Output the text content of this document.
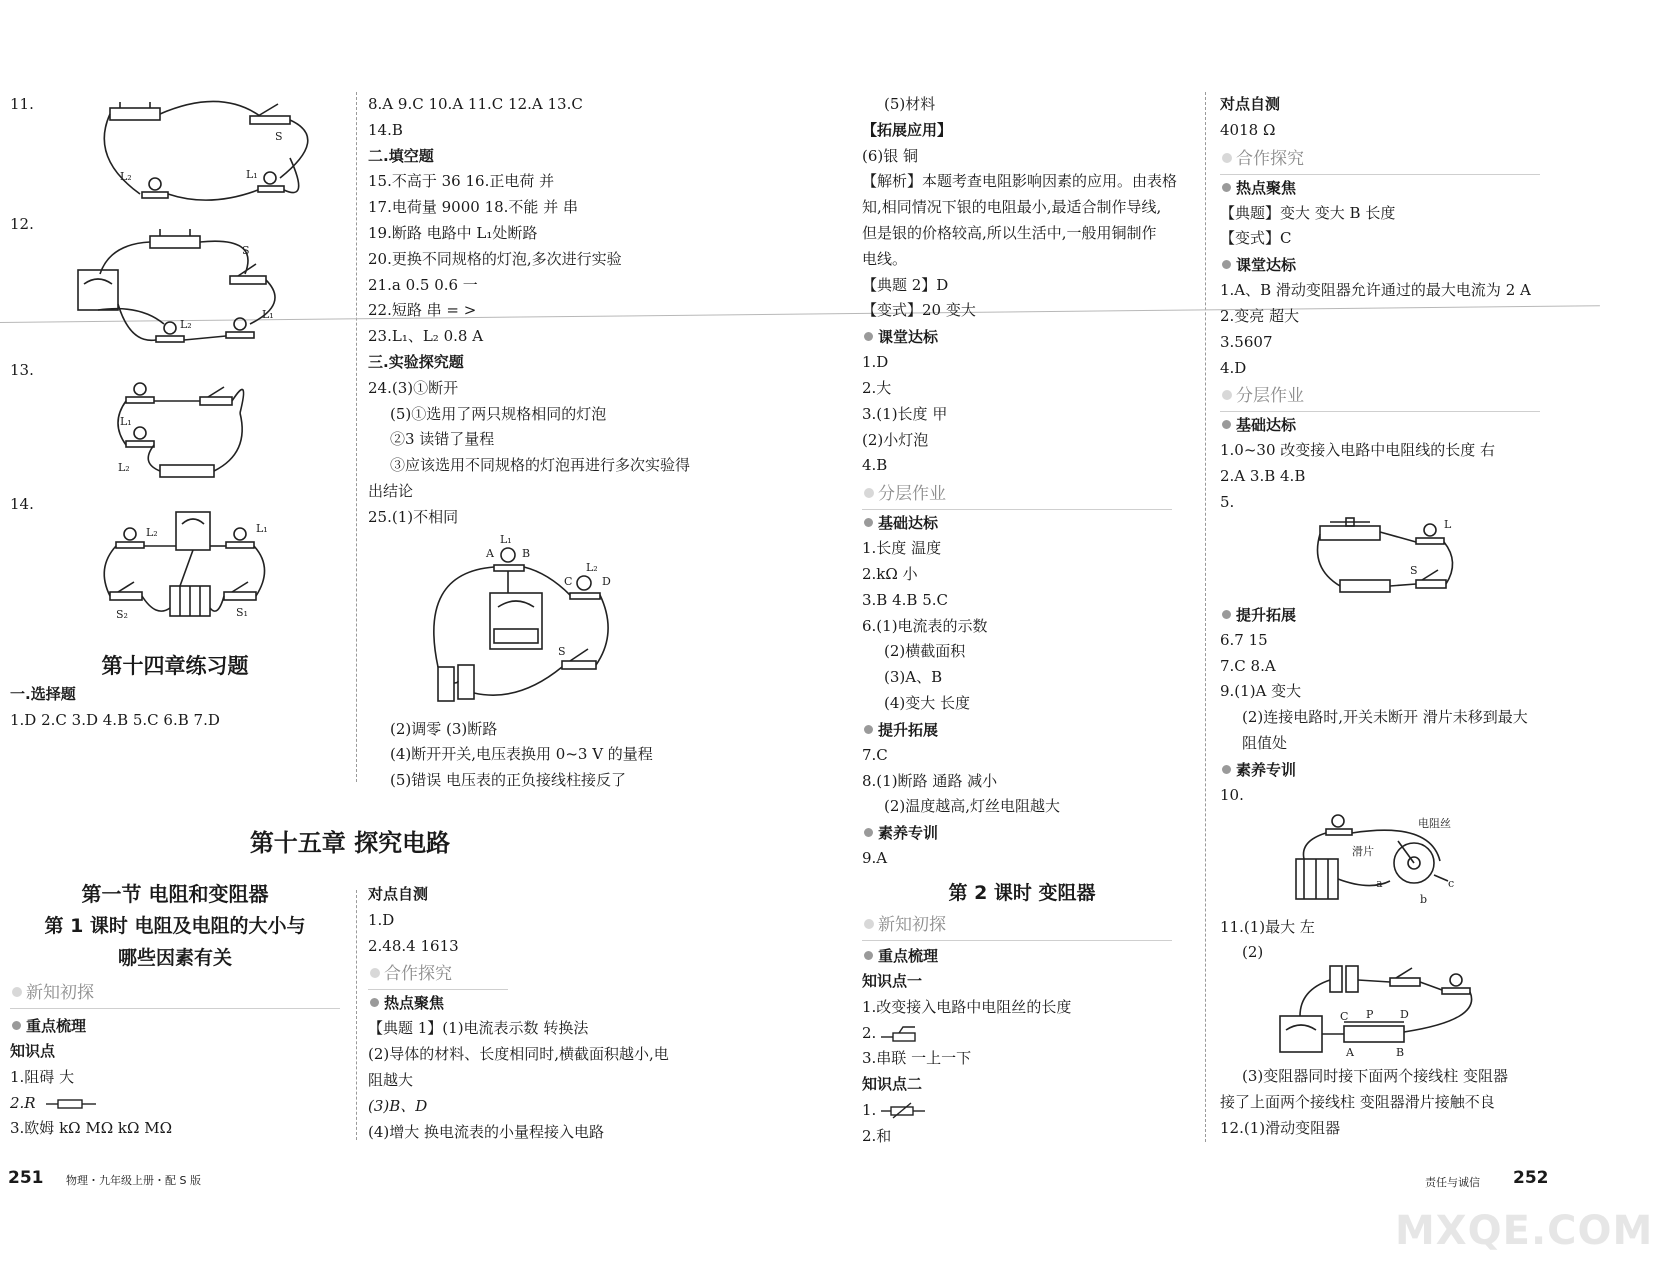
11.
S
L₁
L₂
12.
S
L₁
L₂
13.
L₁
L₂
14.
L₂	L₁
S₂	S₁
第十四章练习题
一.选择题
1.D 2.C 3.D 4.B 5.C 6.B 7.D
8.A 9.C 10.A 11.C 12.A 13.C
14.B
二.填空题
15.不高于 36 16.正电荷 并
17.电荷量 9000 18.不能 并 串
19.断路 电路中 L₁处断路
20.更换不同规格的灯泡,多次进行实验
21.a 0.5 0.6 一
22.短路 串 = >
23.L₁、L₂ 0.8 A
三.实验探究题
24.(3)①断开
(5)①选用了两只规格相同的灯泡
②3 读错了量程
③应该选用不同规格的灯泡再进行多次实验得
出结论
25.(1)不相同
L₁
A	B
L₂
C	D
S
(2)调零 (3)断路
(4)断开开关,电压表换用 0~3 V 的量程
(5)错误 电压表的正负接线柱接反了
第十五章 探究电路
第一节 电阻和变阻器
第 1 课时 电阻及电阻的大小与
哪些因素有关
新知初探
重点梳理
知识点
1.阻碍 大
2.R
3.欧姆 kΩ MΩ kΩ MΩ
对点自测
1.D
2.48.4 1613
合作探究
热点聚焦
【典题 1】(1)电流表示数 转换法
(2)导体的材料、长度相同时,横截面积越小,电
阻越大
(3)B、D
(4)增大 换电流表的小量程接入电路
(5)材料
【拓展应用】
(6)银 铜
【解析】本题考查电阻影响因素的应用。由表格
知,相同情况下银的电阻最小,最适合制作导线,
但是银的价格较高,所以生活中,一般用铜制作
电线。
【典题 2】D
【变式】20 变大
课堂达标
1.D
2.大
3.(1)长度 甲
(2)小灯泡
4.B
分层作业
基础达标
1.长度 温度
2.kΩ 小
3.B 4.B 5.C
6.(1)电流表的示数
(2)横截面积
(3)A、B
(4)变大 长度
提升拓展
7.C
8.(1)断路 通路 减小
(2)温度越高,灯丝电阻越大
素养专训
9.A
第 2 课时 变阻器
新知初探
重点梳理
知识点一
1.改变接入电路中电阻丝的长度
2.
3.串联 一上一下
知识点二
1.
2.和
对点自测
4018 Ω
合作探究
热点聚焦
【典题】变大 变大 B 长度
【变式】C
课堂达标
1.A、B 滑动变阻器允许通过的最大电流为 2 A
2.变亮 超大
3.5607
4.D
分层作业
基础达标
1.0~30 改变接入电路中电阻线的长度 右
2.A 3.B 4.B
5.
L
S
提升拓展
6.7 15
7.C 8.A
9.(1)A 变大
(2)连接电路时,开关未断开 滑片未移到最大
阻值处
素养专训
10.
电阻丝
滑片
a
b
c
11.(1)最大 左
(2)
C P D
A	B
(3)变阻器同时接下面两个接线柱 变阻器
接了上面两个接线柱 变阻器滑片接触不良
12.(1)滑动变阻器
251 物理・九年级上册・配 S 版	责任与诚信 252
MXQE.COM
